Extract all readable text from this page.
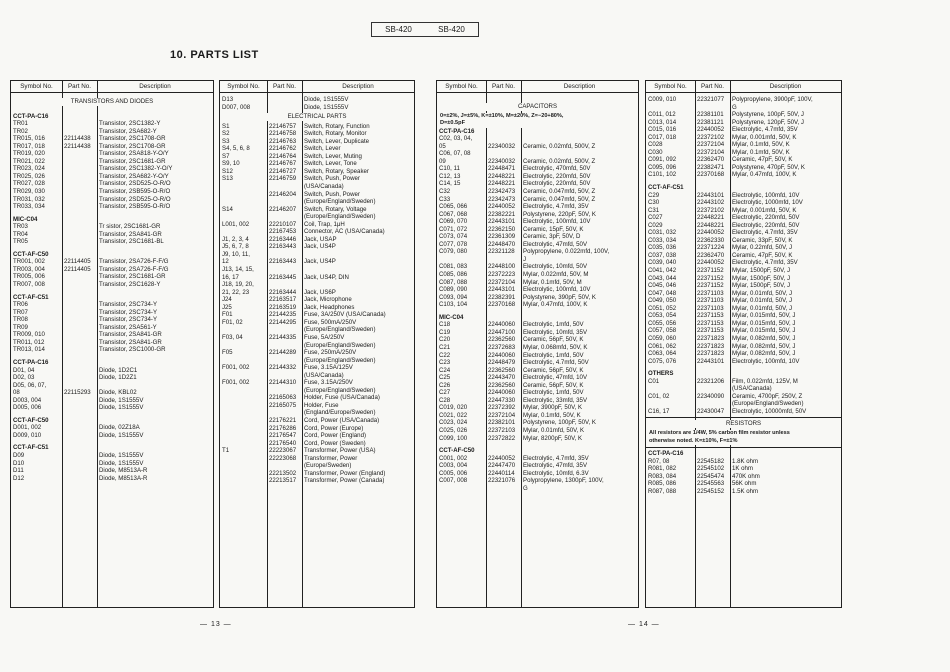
SB-420	SB-420
10. PARTS LIST
Symbol No.	Part No.	Description
TRANSISTORS AND DIODES
CCT-PA-C16
TR01	Transistor, 2SC1382-Y
TR02	Transistor, 2SA682-Y
TR015, 016	22114438	Transistor, 2SC1708-GR
TR017, 018	22114438	Transistor, 2SC1708-GR
TR019, 020	Transistor, 2SA818-Y-O/Y
TR021, 022	Transistor, 2SC1681-GR
TR023, 024	Transistor, 2SC1382-Y-O/Y
TR025, 026	Transistor, 2SA682-Y-O/Y
TR027, 028	Transistor, 2SD525-O-R/O
TR029, 030	Transistor, 2SB595-O-R/O
TR031, 032	Transistor, 2SD525-O-R/O
TR033, 034	Transistor, 2SB595-O-R/O
MIC-C04
TR03	Tr sistor, 2SC1681-GR
TR04	Transistor, 2SA841-GR
TR05	Transistor, 2SC1681-BL
CCT-AF-C50
TR001, 002	22114405	Transistor, 2SA726-F-F/G
TR003, 004	22114405	Transistor, 2SA726-F-F/G
TR005, 006	Transistor, 2SC1681-GR
TR007, 008	Transistor, 2SC1628-Y
CCT-AF-C51
TR06	Transistor, 2SC734-Y
TR07	Transistor, 2SC734-Y
TR08	Transistor, 2SC734-Y
TR09	Transistor, 2SA561-Y
TR009, 010	Transistor, 2SA841-GR
TR011, 012	Transistor, 2SA841-GR
TR013, 014	Transistor, 2SC1000-GR
CCT-PA-C16
D01, 04	Diode, 1D2C1
D02, 03	Diode, 1D2Z1
D05, 06, 07,
08	22115293	Diode, KBL02
D003, 004	Diode, 1S1555V
D005, 006	Diode, 1S1555V
CCT-AF-C50
D001, 002	Diode, 02Z18A
D009, 010	Diode, 1S1555V
CCT-AF-C51
D09	Diode, 1S1555V
D10	Diode, 1S1555V
D11	Diode, M8513A-R
D12	Diode, M8513A-R
Symbol No.	Part No.	Description
D13	Diode, 1S1555V
D007, 008	Diode, 1S1555V
ELECTRICAL PARTS
S1	22146757	Switch, Rotary, Function
S2	22146758	Switch, Rotary, Monitor
S3	22146763	Switch, Lever, Duplicate
S4, 5, 6, 8	22146762	Switch, Lever
S7	22146764	Switch, Lever, Muting
S9, 10	22146767	Switch, Lever, Tone
S12	22146727	Switch, Rotary, Speaker
S13	22146759	Switch, Push, Power
(USA/Canada)
22146204	Switch, Push, Power
(Europe/England/Sweden)
S14	22146207	Switch, Rotary, Voltage
(Europe/England/Sweden)
L001, 002	22210107	Coil, Trap, 1μH
22167453	Connector, AC (USA/Canada)
J1, 2, 3, 4	22163446	Jack, USAP
J5, 6, 7, 8	22163443	Jack, US4P
J9, 10, 11,
12	22163443	Jack, US4P
J13, 14, 15,
16, 17	22163445	Jack, US4P, DIN
J18, 19, 20,
21, 22, 23	22163444	Jack, US6P
J24	22163517	Jack, Microphone
J25	22163519	Jack, Headphones
F01	22144235	Fuse, 3A/250V (USA/Canada)
F01, 02	22144295	Fuse, 500mA/250V
(Europe/England/Sweden)
F03, 04	22144335	Fuse, 5A/250V
(Europe/England/Sweden)
F05	22144289	Fuse, 250mA/250V
(Europe/England/Sweden)
F001, 002	22144332	Fuse, 3.15A/125V
(USA/Canada)
F001, 002	22144310	Fuse, 3.15A/250V
(Europe/England/Sweden)
22165063	Holder, Fuse (USA/Canada)
22165075	Holder, Fuse
(England/Europe/Sweden)
22176221	Cord, Power (USA/Canada)
22176286	Cord, Power (Europe)
22176547	Cord, Power (England)
22176540	Cord, Power (Sweden)
T1	22223067	Transformer, Power (USA)
22223068	Transformer, Power
(Europe/Sweden)
22213502	Transformer, Power (England)
22213517	Transformer, Power (Canada)
Symbol No.	Part No.	Description
CAPACITORS
0=±2%, J=±5%, K=±10%, M=±20%, Z=−20+80%,
D=±0.5pF
CCT-PA-C16
C02, 03, 04,
05	22340032	Ceramic, 0.02mfd, 500V, Z
C06, 07, 08
09	22340032	Ceramic, 0.02mfd, 500V, Z
C10, 11	22448471	Electrolytic, 470mfd, 50V
C12, 13	22448221	Electrolytic, 220mfd, 50V
C14, 15	22448221	Electrolytic, 220mfd, 50V
C32	22342473	Ceramic, 0.047mfd, 50V, Z
C33	22342473	Ceramic, 0.047mfd, 50V, Z
C065, 066	22440052	Electrolytic, 4.7mfd, 35V
C067, 068	22382221	Polystyrene, 220pF, 50V, K
C069, 070	22443101	Electrolytic, 100mfd, 10V
C071, 072	22362150	Ceramic, 15pF, 50V, K
C073, 074	22361309	Ceramic, 3pF, 50V, D
C077, 078	22448470	Electrolytic, 47mfd, 50V
C079, 080	22321128	Polypropylene, 0.022mfd, 100V,
J
C081, 083	22448100	Electrolytic, 10mfd, 50V
C085, 086	22372223	Mylar, 0.022mfd, 50V, M
C087, 088	22372104	Mylar, 0.1mfd, 50V, M
C089, 090	22443101	Electrolytic, 100mfd, 10V
C093, 094	22382391	Polystyrene, 390pF, 50V, K
C103, 104	22370168	Mylar, 0.47mfd, 100V, K
MIC-C04
C18	22440060	Electrolytic, 1mfd, 50V
C19	22447100	Electrolytic, 10mfd, 35V
C20	22362560	Ceramic, 56pF, 50V, K
C21	22372683	Mylar, 0.068mfd, 50V, K
C22	22440060	Electrolytic, 1mfd, 50V
C23	22448479	Electrolytic, 4.7mfd, 50V
C24	22362560	Ceramic, 56pF, 50V, K
C25	22443470	Electrolytic, 47mfd, 10V
C26	22362560	Ceramic, 56pF, 50V, K
C27	22440060	Electrolytic, 1mfd, 50V
C28	22447330	Electrolytic, 33mfd, 35V
C019, 020	22372392	Mylar, 3900pF, 50V, K
C021, 022	22372104	Mylar, 0.1mfd, 50V, K
C023, 024	22382101	Polystyrene, 100pF, 50V, K
C025, 026	22372103	Mylar, 0.01mfd, 50V, K
C099, 100	22372822	Mylar, 8200pF, 50V, K
CCT-AF-C50
C001, 002	22440052	Electrolytic, 4.7mfd, 35V
C003, 004	22447470	Electrolytic, 47mfd, 35V
C005, 006	22440114	Electrolytic, 10mfd, 6.3V
C007, 008	22321076	Polypropylene, 1300pF, 100V,
G
Symbol No.	Part No.	Description
C009, 010	22321077	Polypropylene, 3900pF, 100V,
G
C011, 012	22381101	Polystyrene, 100pF, 50V, J
C013, 014	22381121	Polystyrene, 120pF, 50V, J
C015, 016	22440052	Electrolytic, 4.7mfd, 35V
C017, 018	22372102	Mylar, 0.001mfd, 50V, K
C028	22372104	Mylar, 0.1mfd, 50V, K
C030	22372104	Mylar, 0.1mfd, 50V, K
C091, 092	22362470	Ceramic, 47pF, 50V, K
C095, 096	22382471	Polystyrene, 470pF, 50V, K
C101, 102	22370168	Mylar, 0.47mfd, 100V, K
CCT-AF-C51
C29	22443101	Electrolytic, 100mfd, 10V
C30	22443102	Electrolytic, 1000mfd, 10V
C31	22372102	Mylar, 0.001mfd, 50V, K
C027	22448221	Electrolytic, 220mfd, 50V
C029	22448221	Electrolytic, 220mfd, 50V
C031, 032	22440052	Electrolytic, 4.7mfd, 35V
C033, 034	22362330	Ceramic, 33pF, 50V, K
C035, 036	22371224	Mylar, 0.22mfd, 50V, J
C037, 038	22362470	Ceramic, 47pF, 50V, K
C039, 040	22440052	Electrolytic, 4.7mfd, 35V
C041, 042	22371152	Mylar, 1500pF, 50V, J
C043, 044	22371152	Mylar, 1500pF, 50V, J
C045, 046	22371152	Mylar, 1500pF, 50V, J
C047, 048	22371103	Mylar, 0.01mfd, 50V, J
C049, 050	22371103	Mylar, 0.01mfd, 50V, J
C051, 052	22371103	Mylar, 0.01mfd, 50V, J
C053, 054	22371153	Mylar, 0.015mfd, 50V, J
C055, 056	22371153	Mylar, 0.015mfd, 50V, J
C057, 058	22371153	Mylar, 0.015mfd, 50V, J
C059, 060	22371823	Mylar, 0.082mfd, 50V, J
C061, 062	22371823	Mylar, 0.082mfd, 50V, J
C063, 064	22371823	Mylar, 0.082mfd, 50V, J
C075, 076	22443101	Electrolytic, 100mfd, 10V
OTHERS
C01	22321206	Film, 0.022mfd, 125V, M
(USA/Canada)
C01, 02	22340090	Ceramic, 4700pF, 250V, Z
(Europe/England/Sweden)
C16, 17	22430047	Electrolytic, 10000mfd, 50V
RESISTORS
All resistors are 1/4W, 5% carbon film resistor unless
otherwise noted. K=±10%, F=±1%
CCT-PA-C16
R07, 08	22545182	1.8K ohm
R081, 082	22545102	1K ohm
R083, 084	22545474	470K ohm
R085, 086	22545563	56K ohm
R087, 088	22545152	1.5K ohm
— 13 —	— 14 —
